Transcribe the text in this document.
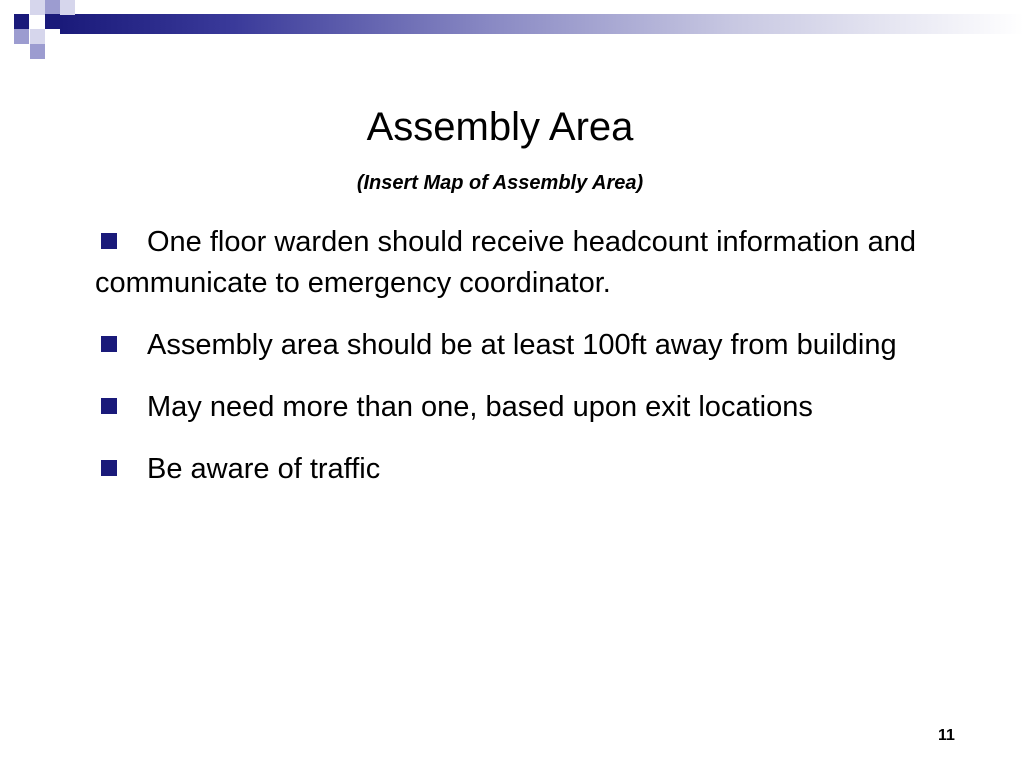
Assembly Area
(Insert Map of Assembly Area)
One floor warden should receive headcount information and communicate to emergency coordinator.
Assembly area should be at least 100ft away from building
May need more than one, based upon exit locations
Be aware of traffic
11
